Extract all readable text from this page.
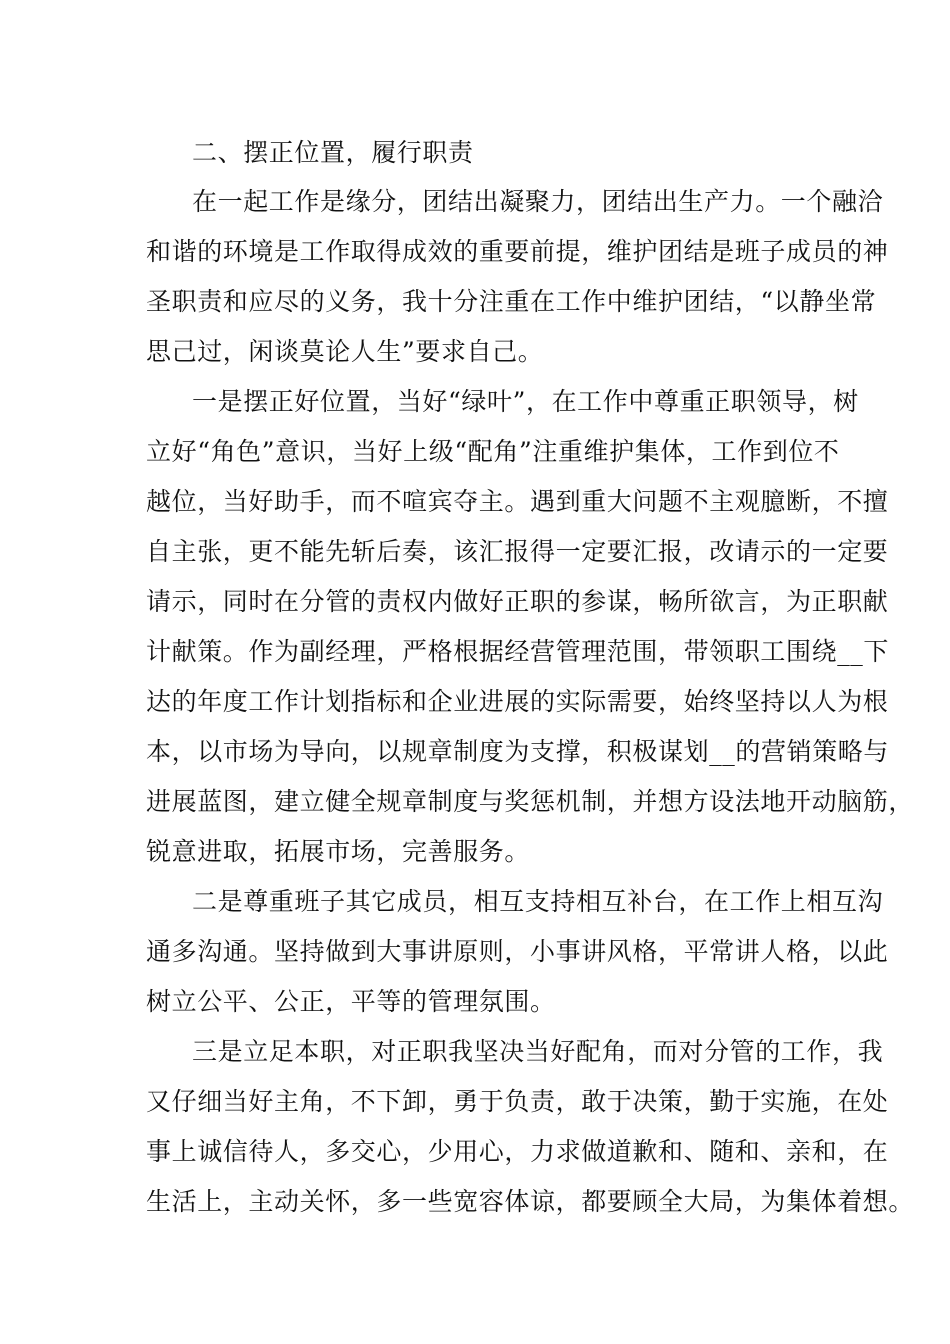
二、摆正位置，履行职责
在一起工作是缘分，团结出凝聚力，团结出生产力。一个融洽
和谐的环境是工作取得成效的重要前提，维护团结是班子成员的神
圣职责和应尽的义务，我十分注重在工作中维护团结，“以静坐常
思己过，闲谈莫论人生”要求自己。
一是摆正好位置，当好“绿叶”，在工作中尊重正职领导，树
立好“角色”意识，当好上级“配角”注重维护集体，工作到位不
越位，当好助手，而不喧宾夺主。遇到重大问题不主观臆断，不擅
自主张，更不能先斩后奏，该汇报得一定要汇报，改请示的一定要
请示，同时在分管的责权内做好正职的参谋，畅所欲言，为正职献
计献策。作为副经理，严格根据经营管理范围，带领职工围绕__下
达的年度工作计划指标和企业进展的实际需要，始终坚持以人为根
本，以市场为导向，以规章制度为支撑，积极谋划__的营销策略与
进展蓝图，建立健全规章制度与奖惩机制，并想方设法地开动脑筋，
锐意进取，拓展市场，完善服务。
二是尊重班子其它成员，相互支持相互补台，在工作上相互沟
通多沟通。坚持做到大事讲原则，小事讲风格，平常讲人格，以此
树立公平、公正，平等的管理氛围。
三是立足本职，对正职我坚决当好配角，而对分管的工作，我
又仔细当好主角，不下卸，勇于负责，敢于决策，勤于实施，在处
事上诚信待人，多交心，少用心，力求做道歉和、随和、亲和，在
生活上，主动关怀，多一些宽容体谅，都要顾全大局，为集体着想。
